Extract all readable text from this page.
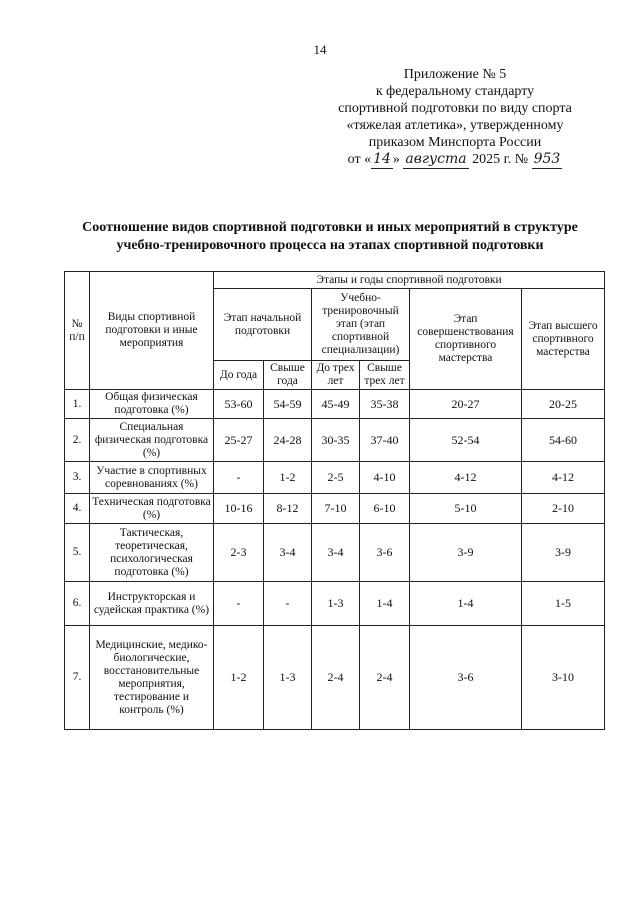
14
Приложение № 5
к федеральному стандарту
спортивной подготовки по виду спорта
«тяжелая атлетика», утвержденному
приказом Минспорта России
от « 14 » августа 2025 г. № 953
Соотношение видов спортивной подготовки и иных мероприятий в структуре
учебно-тренировочного процесса на этапах спортивной подготовки
№ п/п	Виды спортивной подготовки и иные мероприятия	Этапы и годы спортивной подготовки					
		Этап начальной подготовки		Учебно-тренировочный этап (этап спортивной специализации)		Этап совершенствования спортивного мастерства	Этап высшего спортивного мастерства
		До года	Свыше года	До трех лет	Свыше трех лет		
1.	Общая физическая подготовка (%)	53-60	54-59	45-49	35-38	20-27	20-25
2.	Специальная физическая подготовка (%)	25-27	24-28	30-35	37-40	52-54	54-60
3.	Участие в спортивных соревнованиях (%)	-	1-2	2-5	4-10	4-12	4-12
4.	Техническая подготовка (%)	10-16	8-12	7-10	6-10	5-10	2-10
5.	Тактическая, теоретическая, психологическая подготовка (%)	2-3	3-4	3-4	3-6	3-9	3-9
6.	Инструкторская и судейская практика (%)	-	-	1-3	1-4	1-4	1-5
7.	Медицинские, медико-биологические, восстановительные мероприятия, тестирование и контроль (%)	1-2	1-3	2-4	2-4	3-6	3-10
